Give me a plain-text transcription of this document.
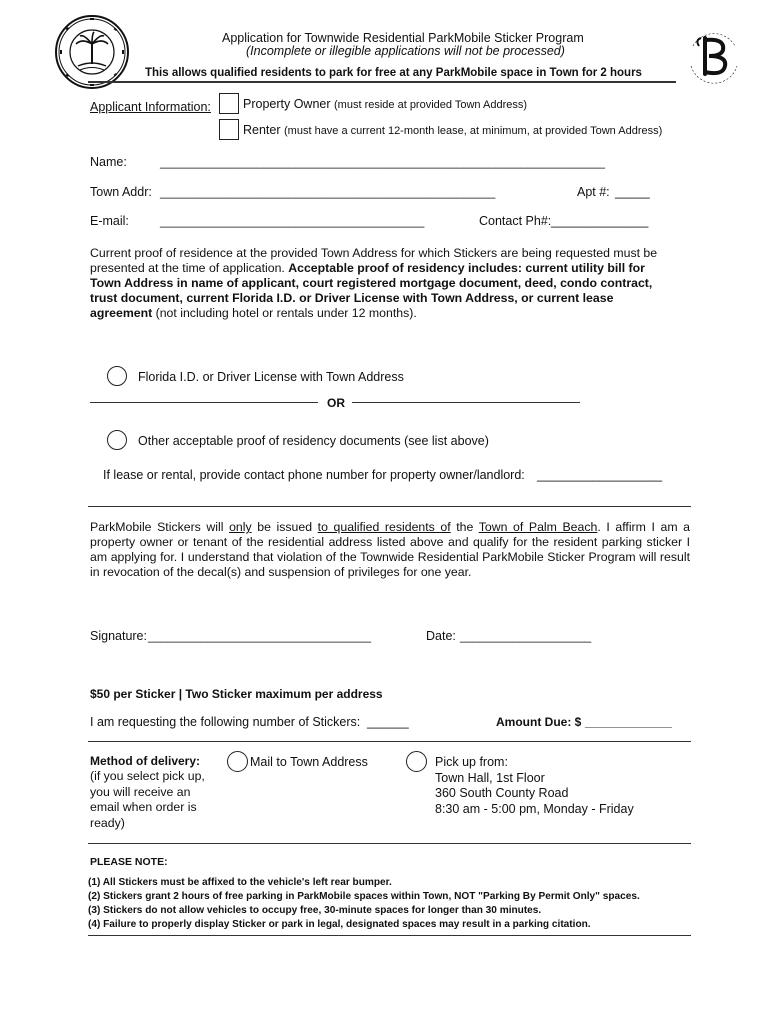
Application for Townwide Residential ParkMobile Sticker Program
(Incomplete or illegible applications will not be processed)
This allows qualified residents to park for free at any ParkMobile space in Town for 2 hours
Applicant Information:	Property Owner (must reside at provided Town Address)
Renter (must have a current 12-month lease, at minimum, at provided Town Address)
Name:	_____________________________________________________________________
Town Addr: ____________________________________________________	Apt #: _____
E-mail:	_________________________________________	Contact Ph#: ______________
Current proof of residence at the provided Town Address for which Stickers are being requested must be presented at the time of application. Acceptable proof of residency includes: current utility bill for Town Address in name of applicant, court registered mortgage document, deed, condo contract, trust document, current Florida I.D. or Driver License with Town Address, or current lease agreement (not including hotel or rentals under 12 months).
Florida I.D. or Driver License with Town Address
OR
Other acceptable proof of residency documents (see list above)
If lease or rental, provide contact phone number for property owner/landlord: __________________
ParkMobile Stickers will only be issued to qualified residents of the Town of Palm Beach. I affirm I am a property owner or tenant of the residential address listed above and qualify for the resident parking sticker I am applying for. I understand that violation of the Townwide Residential ParkMobile Sticker Program will result in revocation of the decal(s) and suspension of privileges for one year.
Signature: __________________________________	Date: ____________________
$50 per Sticker | Two Sticker maximum per address
I am requesting the following number of Stickers: ______	Amount Due: $ _____________
Method of delivery:
(if you select pick up,
you will receive an
email when order is
ready)
Mail to Town Address	Pick up from:
Town Hall, 1st Floor
360 South County Road
8:30 am - 5:00 pm, Monday - Friday
PLEASE NOTE:
(1) All Stickers must be affixed to the vehicle's left rear bumper.
(2) Stickers grant 2 hours of free parking in ParkMobile spaces within Town, NOT "Parking By Permit Only" spaces.
(3) Stickers do not allow vehicles to occupy free, 30-minute spaces for longer than 30 minutes.
(4) Failure to properly display Sticker or park in legal, designated spaces may result in a parking citation.
